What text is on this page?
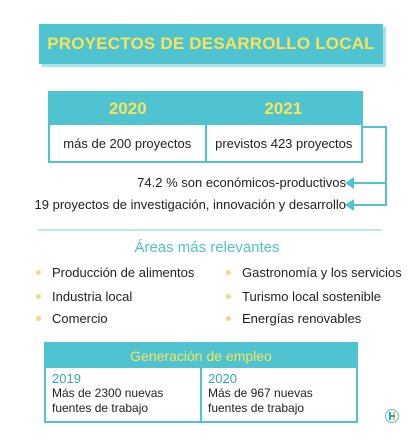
PROYECTOS DE DESARROLLO LOCAL
2020	2021
más de 200 proyectos	previstos 423 proyectos
74.2 % son económicos-productivos
19 proyectos de investigación, innovación y desarrollo
Áreas más relevantes
Producción de alimentos
Industria local
Comercio
Gastronomía y los servicios
Turismo local sostenible
Energías renovables
Generación de empleo
2019
Más de 2300 nuevas fuentes de trabajo
2020
Más de 967 nuevas fuentes de trabajo
